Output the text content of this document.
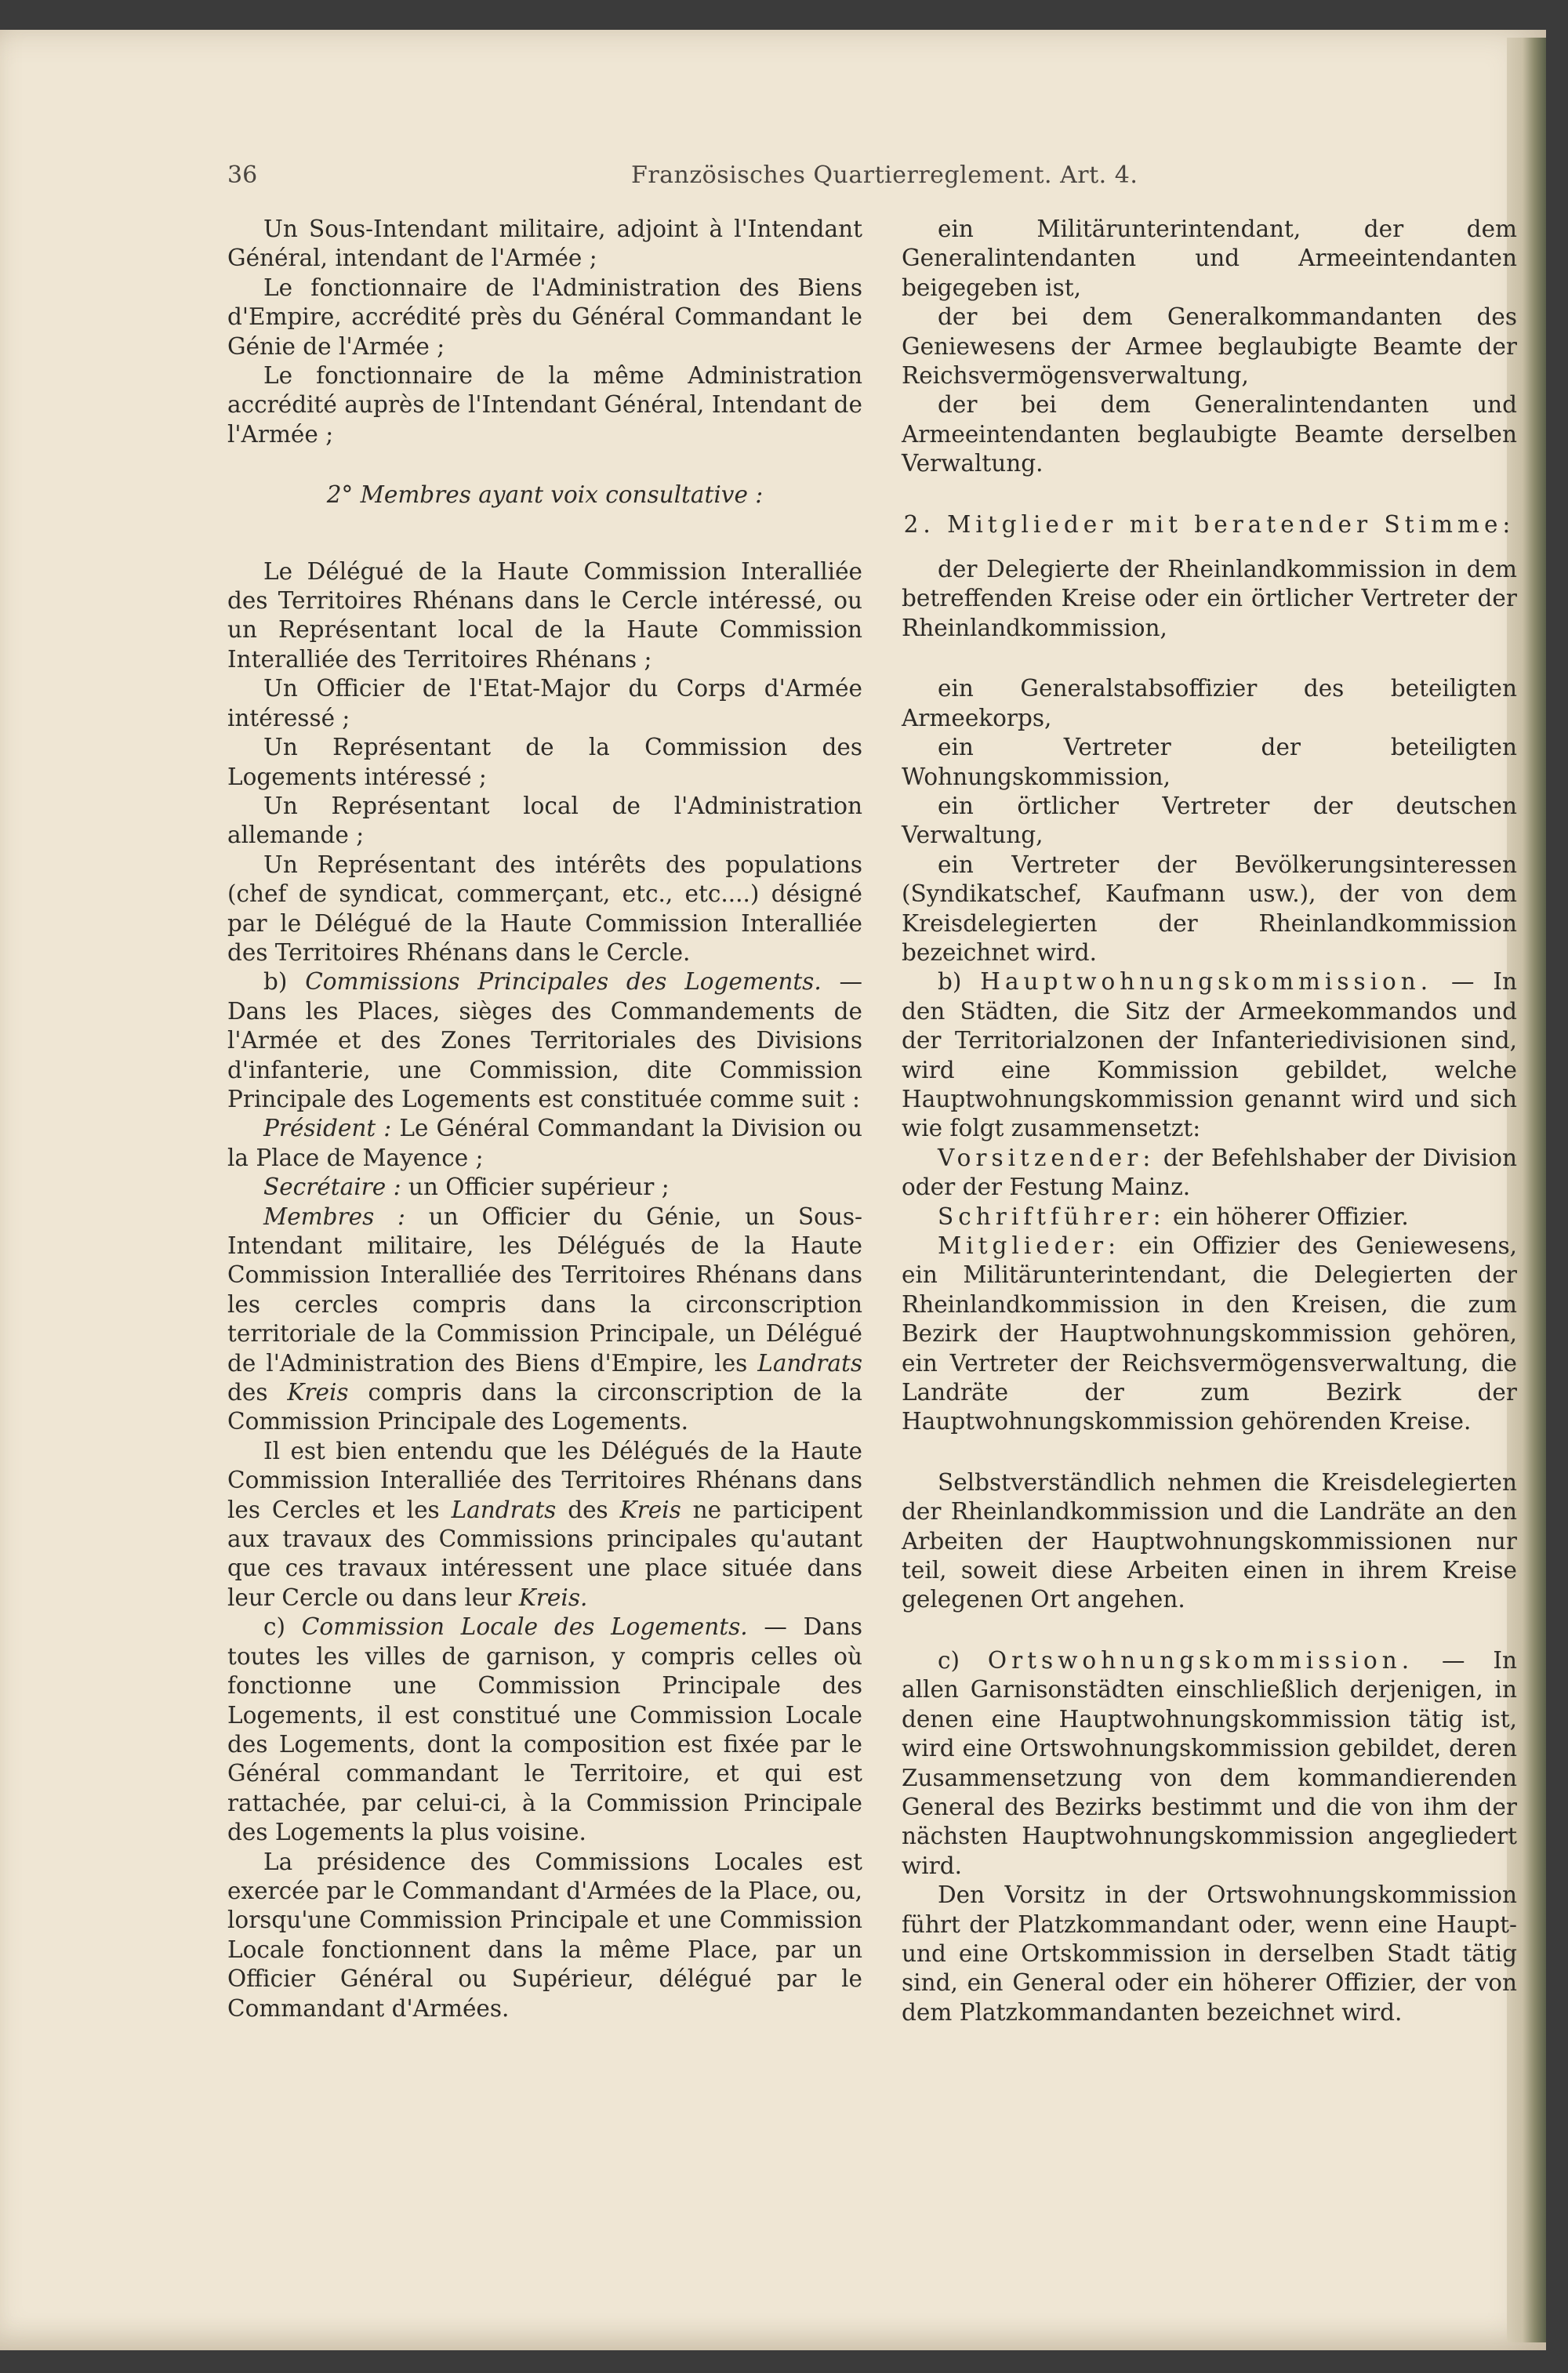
36	Französisches Quartierreglement. Art. 4.

Un Sous-Intendant militaire, adjoint à l'Intendant Général, intendant de l'Armée ;

Le fonctionnaire de l'Administration des Biens d'Empire, accrédité près du Général Commandant le Génie de l'Armée ;

Le fonctionnaire de la même Administration accrédité auprès de l'Intendant Général, Intendant de l'Armée ;

2° Membres ayant voix consultative :

Le Délégué de la Haute Commission Interalliée des Territoires Rhénans dans le Cercle intéressé, ou un Représentant local de la Haute Commission Interalliée des Territoires Rhénans ;

Un Officier de l'Etat-Major du Corps d'Armée intéressé ;

Un Représentant de la Commission des Logements intéressé ;

Un Représentant local de l'Administration allemande ;

Un Représentant des intérêts des populations (chef de syndicat, commerçant, etc., etc....) désigné par le Délégué de la Haute Commission Interalliée des Territoires Rhénans dans le Cercle.

b) Commissions Principales des Logements. — Dans les Places, sièges des Commandements de l'Armée et des Zones Territoriales des Divisions d'infanterie, une Commission, dite Commission Principale des Logements est constituée comme suit :

Président : Le Général Commandant la Division ou la Place de Mayence ;

Secrétaire : un Officier supérieur ;

Membres : un Officier du Génie, un Sous-Intendant militaire, les Délégués de la Haute Commission Interalliée des Territoires Rhénans dans les cercles compris dans la circonscription territoriale de la Commission Principale, un Délégué de l'Administration des Biens d'Empire, les Landrats des Kreis compris dans la circonscription de la Commission Principale des Logements.

Il est bien entendu que les Délégués de la Haute Commission Interalliée des Territoires Rhénans dans les Cercles et les Landrats des Kreis ne participent aux travaux des Commissions principales qu'autant que ces travaux intéressent une place située dans leur Cercle ou dans leur Kreis.

c) Commission Locale des Logements. — Dans toutes les villes de garnison, y compris celles où fonctionne une Commission Principale des Logements, il est constitué une Commission Locale des Logements, dont la composition est fixée par le Général commandant le Territoire, et qui est rattachée, par celui-ci, à la Commission Principale des Logements la plus voisine.

La présidence des Commissions Locales est exercée par le Commandant d'Armées de la Place, ou, lorsqu'une Commission Principale et une Commission Locale fonctionnent dans la même Place, par un Officier Général ou Supérieur, délégué par le Commandant d'Armées.

ein Militärunterintendant, der dem Generalintendanten und Armeeintendanten beigegeben ist,

der bei dem Generalkommandanten des Geniewesens der Armee beglaubigte Beamte der Reichsvermögensverwaltung,

der bei dem Generalintendanten und Armeeintendanten beglaubigte Beamte derselben Verwaltung.

2. Mitglieder mit beratender Stimme:

der Delegierte der Rheinlandkommission in dem betreffenden Kreise oder ein örtlicher Vertreter der Rheinlandkommission,

ein Generalstabsoffizier des beteiligten Armeekorps,

ein Vertreter der beteiligten Wohnungskommission,

ein örtlicher Vertreter der deutschen Verwaltung,

ein Vertreter der Bevölkerungsinteressen (Syndikatschef, Kaufmann usw.), der von dem Kreisdelegierten der Rheinlandkommission bezeichnet wird.

b) Hauptwohnungskommission. — In den Städten, die Sitz der Armeekommandos und der Territorialzonen der Infanteriedivisionen sind, wird eine Kommission gebildet, welche Hauptwohnungskommission genannt wird und sich wie folgt zusammensetzt:

Vorsitzender: der Befehlshaber der Division oder der Festung Mainz.

Schriftführer: ein höherer Offizier.

Mitglieder: ein Offizier des Geniewesens, ein Militärunterintendant, die Delegierten der Rheinlandkommission in den Kreisen, die zum Bezirk der Hauptwohnungskommission gehören, ein Vertreter der Reichsvermögensverwaltung, die Landräte der zum Bezirk der Hauptwohnungskommission gehörenden Kreise.

Selbstverständlich nehmen die Kreisdelegierten der Rheinlandkommission und die Landräte an den Arbeiten der Hauptwohnungskommissionen nur teil, soweit diese Arbeiten einen in ihrem Kreise gelegenen Ort angehen.

c) Ortswohnungskommission. — In allen Garnisonstädten einschließlich derjenigen, in denen eine Hauptwohnungskommission tätig ist, wird eine Ortswohnungskommission gebildet, deren Zusammensetzung von dem kommandierenden General des Bezirks bestimmt und die von ihm der nächsten Hauptwohnungskommission angegliedert wird.

Den Vorsitz in der Ortswohnungskommission führt der Platzkommandant oder, wenn eine Haupt- und eine Ortskommission in derselben Stadt tätig sind, ein General oder ein höherer Offizier, der von dem Platzkommandanten bezeichnet wird.
